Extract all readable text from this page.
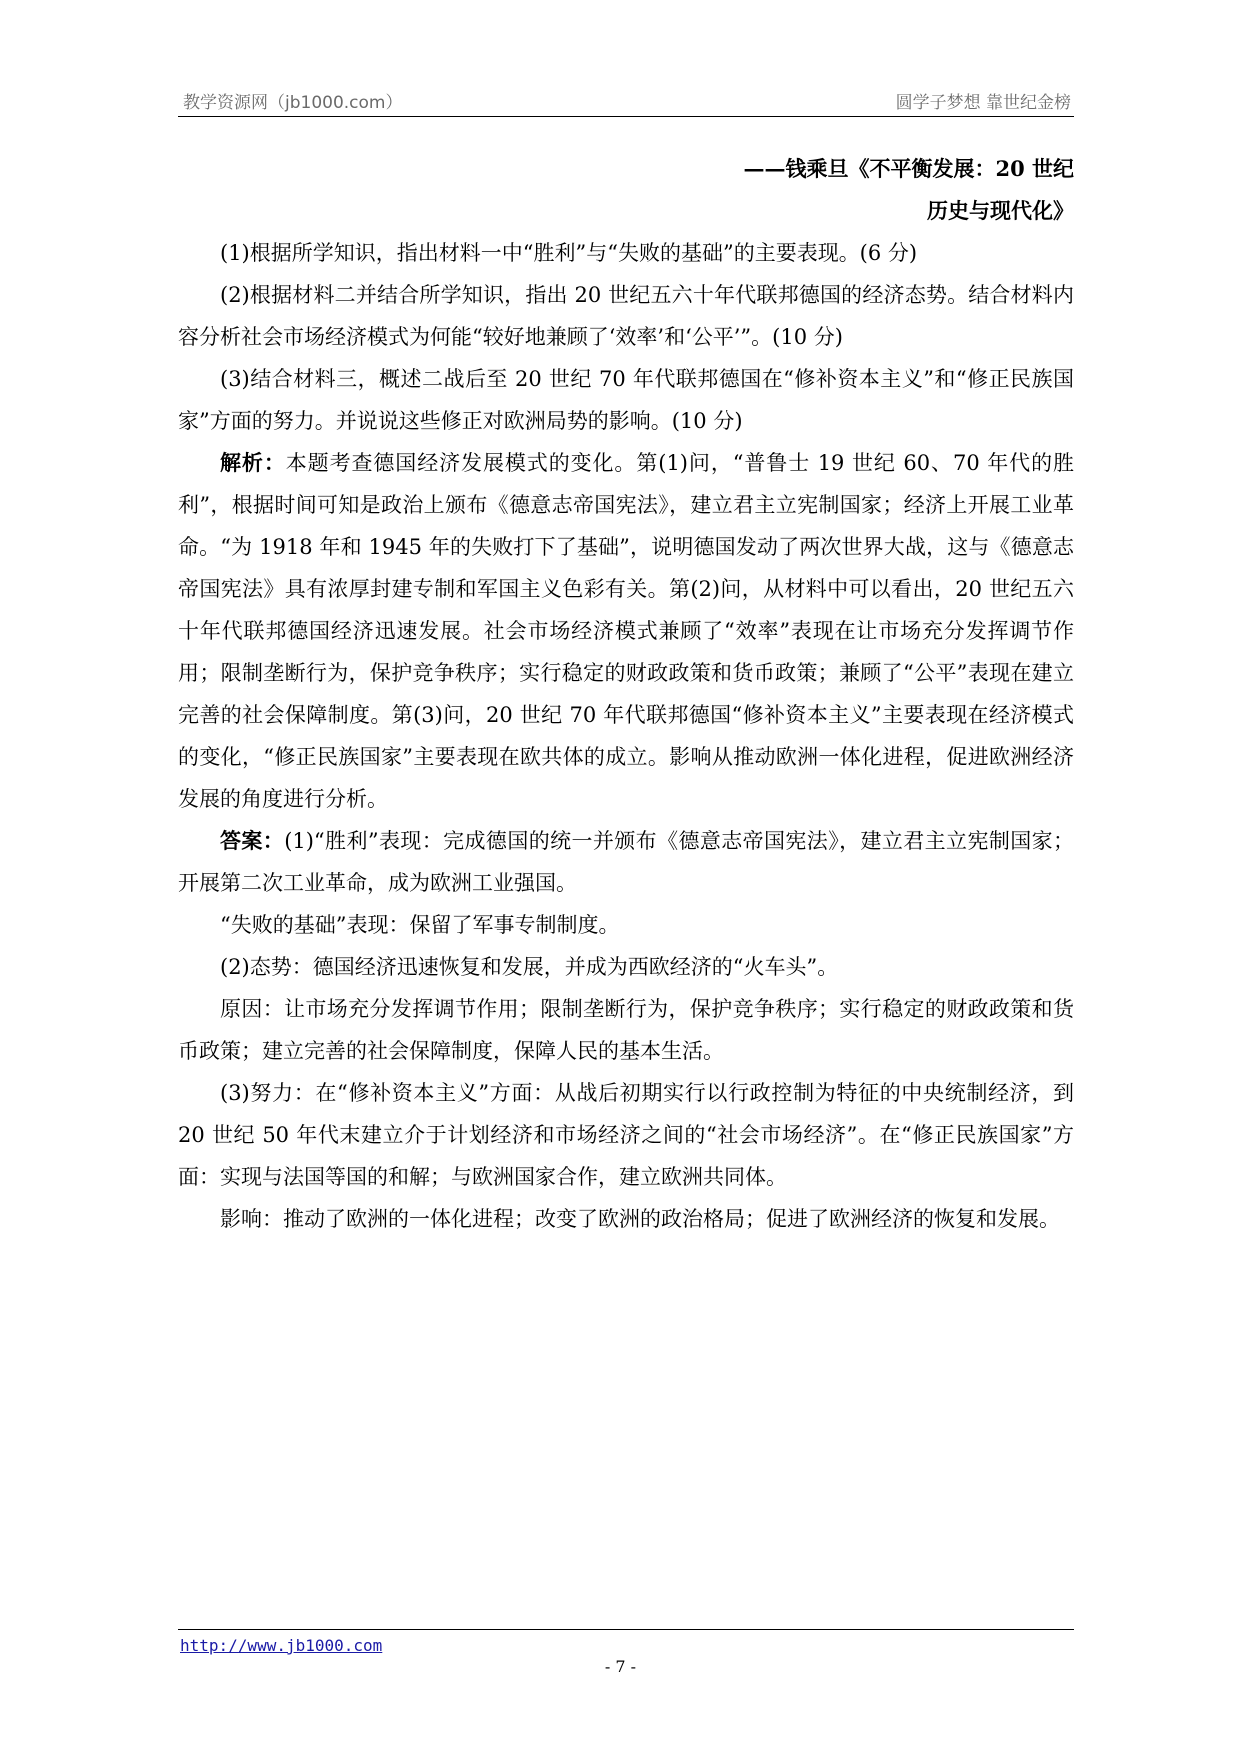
教学资源网（jb1000.com）	圆学子梦想 靠世纪金榜

——钱乘旦《不平衡发展：20 世纪

历史与现代化》

(1)根据所学知识，指出材料一中“胜利”与“失败的基础”的主要表现。(6 分)

(2)根据材料二并结合所学知识，指出 20 世纪五六十年代联邦德国的经济态势。结合材料内容分析社会市场经济模式为何能“较好地兼顾了‘效率’和‘公平’”。(10 分)

(3)结合材料三，概述二战后至 20 世纪 70 年代联邦德国在“修补资本主义”和“修正民族国家”方面的努力。并说说这些修正对欧洲局势的影响。(10 分)

解析：本题考查德国经济发展模式的变化。第(1)问，“普鲁士 19 世纪 60、70 年代的胜利”，根据时间可知是政治上颁布《德意志帝国宪法》，建立君主立宪制国家；经济上开展工业革命。“为 1918 年和 1945 年的失败打下了基础”，说明德国发动了两次世界大战，这与《德意志帝国宪法》具有浓厚封建专制和军国主义色彩有关。第(2)问，从材料中可以看出，20 世纪五六十年代联邦德国经济迅速发展。社会市场经济模式兼顾了“效率”表现在让市场充分发挥调节作用；限制垄断行为，保护竞争秩序；实行稳定的财政政策和货币政策；兼顾了“公平”表现在建立完善的社会保障制度。第(3)问，20 世纪 70 年代联邦德国“修补资本主义”主要表现在经济模式的变化，“修正民族国家”主要表现在欧共体的成立。影响从推动欧洲一体化进程，促进欧洲经济发展的角度进行分析。

答案：(1)“胜利”表现：完成德国的统一并颁布《德意志帝国宪法》，建立君主立宪制国家；开展第二次工业革命，成为欧洲工业强国。

“失败的基础”表现：保留了军事专制制度。

(2)态势：德国经济迅速恢复和发展，并成为西欧经济的“火车头”。

原因：让市场充分发挥调节作用；限制垄断行为，保护竞争秩序；实行稳定的财政政策和货币政策；建立完善的社会保障制度，保障人民的基本生活。

(3)努力：在“修补资本主义”方面：从战后初期实行以行政控制为特征的中央统制经济，到 20 世纪 50 年代末建立介于计划经济和市场经济之间的“社会市场经济”。在“修正民族国家”方面：实现与法国等国的和解；与欧洲国家合作，建立欧洲共同体。

影响：推动了欧洲的一体化进程；改变了欧洲的政治格局；促进了欧洲经济的恢复和发展。

http://www.jb1000.com
- 7 -
